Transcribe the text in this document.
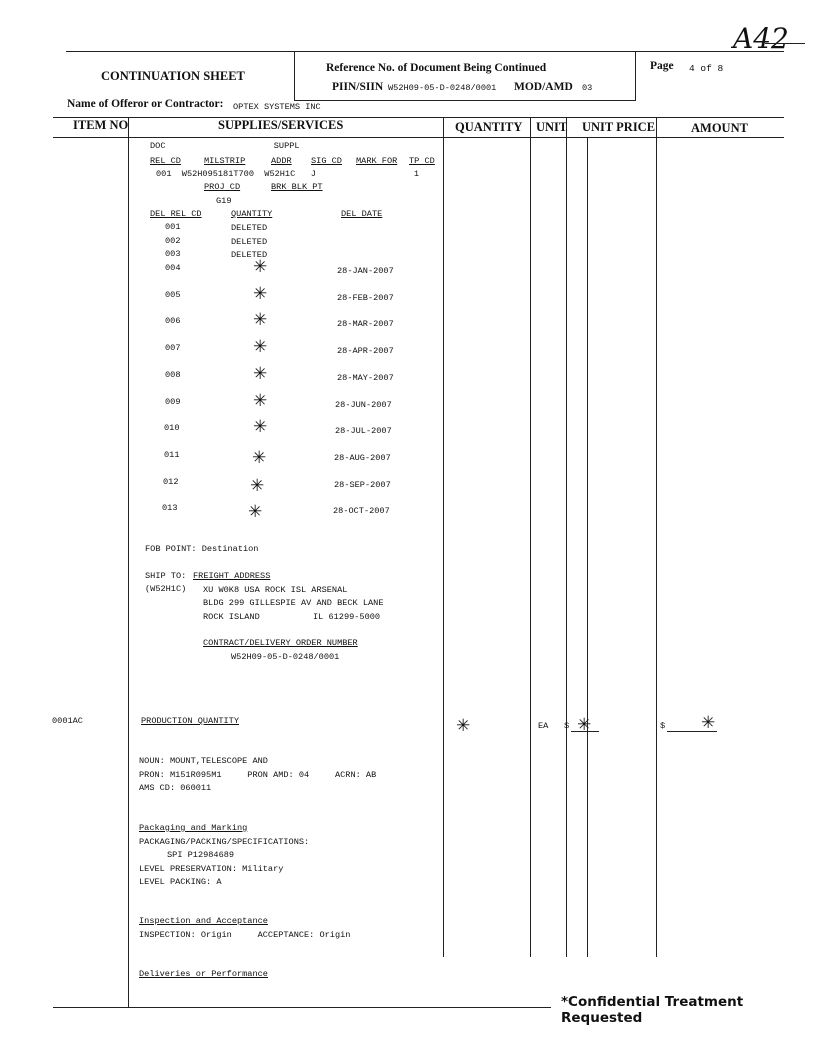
A42
CONTINUATION SHEET
Reference No. of Document Being Continued
PIIN/SIIN W52H09-05-D-0248/0001 MOD/AMD 03
Page 4 of 8
Name of Offeror or Contractor: OPTEX SYSTEMS INC
ITEM NO	SUPPLIES/SERVICES	QUANTITY UNIT UNIT PRICE	AMOUNT
DOC                     SUPPL
REL CD	MILSTRIP	ADDR SIG CD MARK FOR TP CD
001  W52H095181T700  W52H1C   J                   1
PROJ CD	BRK BLK PT
G19
DEL REL CD	QUANTITY	DEL DATE
001	DELETED
002	DELETED
003	DELETED
004	✳	28-JAN-2007
005	✳	28-FEB-2007
006	✳	28-MAR-2007
007	✳	28-APR-2007
008	✳	28-MAY-2007
009	✳	28-JUN-2007
010	✳	28-JUL-2007
011	✳	28-AUG-2007
012	✳	28-SEP-2007
013	✳	28-OCT-2007
FOB POINT: Destination
SHIP TO: FREIGHT ADDRESS
(W52H1C) XU W0K8 USA ROCK ISL ARSENAL
BLDG 299 GILLESPIE AV AND BECK LANE
ROCK ISLAND	IL 61299-5000
CONTRACT/DELIVERY ORDER NUMBER
W52H09-05-D-0248/0001
0001AC	PRODUCTION QUANTITY	✳	EA $ ✳	$ ✳
NOUN: MOUNT,TELESCOPE AND
PRON: M151R095M1     PRON AMD: 04     ACRN: AB
AMS CD: 060011
Packaging and Marking
PACKAGING/PACKING/SPECIFICATIONS:
SPI P12984689
LEVEL PRESERVATION: Military
LEVEL PACKING: A
Inspection and Acceptance
INSPECTION: Origin     ACCEPTANCE: Origin
Deliveries or Performance
*Confidential Treatment Requested
